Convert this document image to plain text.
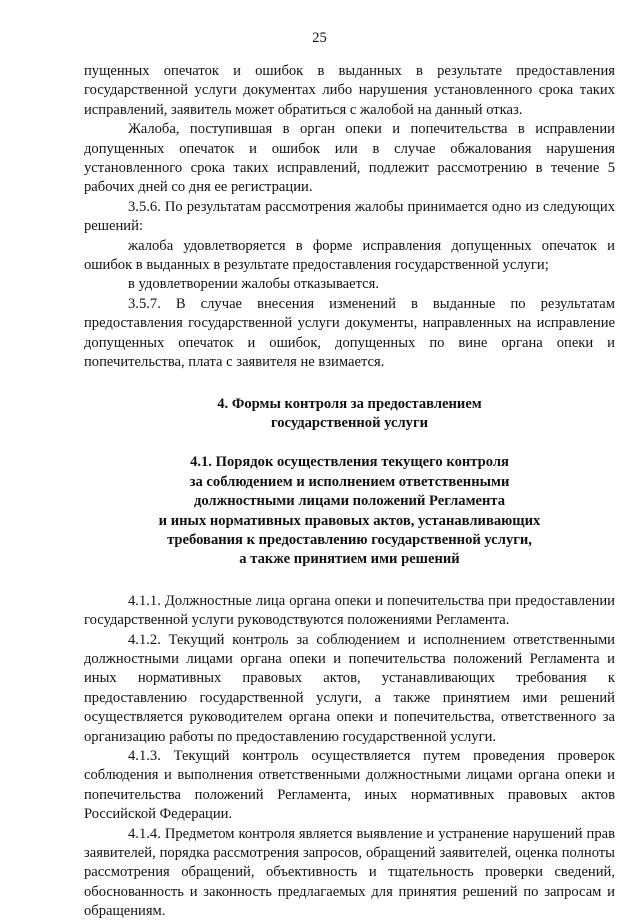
25

пущенных опечаток и ошибок в выданных в результате предоставления государственной услуги документах либо нарушения установленного срока таких исправлений, заявитель может обратиться с жалобой на данный отказ.

Жалоба, поступившая в орган опеки и попечительства в исправлении допущенных опечаток и ошибок или в случае обжалования нарушения установленного срока таких исправлений, подлежит рассмотрению в течение 5 рабочих дней со дня ее регистрации.

3.5.6. По результатам рассмотрения жалобы принимается одно из следующих решений:

жалоба удовлетворяется в форме исправления допущенных опечаток и ошибок в выданных в результате предоставления государственной услуги;

в удовлетворении жалобы отказывается.

3.5.7. В случае внесения изменений в выданные по результатам предоставления государственной услуги документы, направленных на исправление допущенных опечаток и ошибок, допущенных по вине органа опеки и попечительства, плата с заявителя не взимается.

4. Формы контроля за предоставлением
государственной услуги
4.1. Порядок осуществления текущего контроля
за соблюдением и исполнением ответственными
должностными лицами положений Регламента
и иных нормативных правовых актов, устанавливающих
требования к предоставлению государственной услуги,
а также принятием ими решений

4.1.1. Должностные лица органа опеки и попечительства при предоставлении государственной услуги руководствуются положениями Регламента.

4.1.2. Текущий контроль за соблюдением и исполнением ответственными должностными лицами органа опеки и попечительства положений Регламента и иных нормативных правовых актов, устанавливающих требования к предоставлению государственной услуги, а также принятием ими решений осуществляется руководителем органа опеки и попечительства, ответственного за организацию работы по предоставлению государственной услуги.

4.1.3. Текущий контроль осуществляется путем проведения проверок соблюдения и выполнения ответственными должностными лицами органа опеки и попечительства положений Регламента, иных нормативных правовых актов Российской Федерации.

4.1.4. Предметом контроля является выявление и устранение нарушений прав заявителей, порядка рассмотрения запросов, обращений заявителей, оценка полноты рассмотрения обращений, объективность и тщательность проверки сведений, обоснованность и законность предлагаемых для принятия решений по запросам и обращениям.
